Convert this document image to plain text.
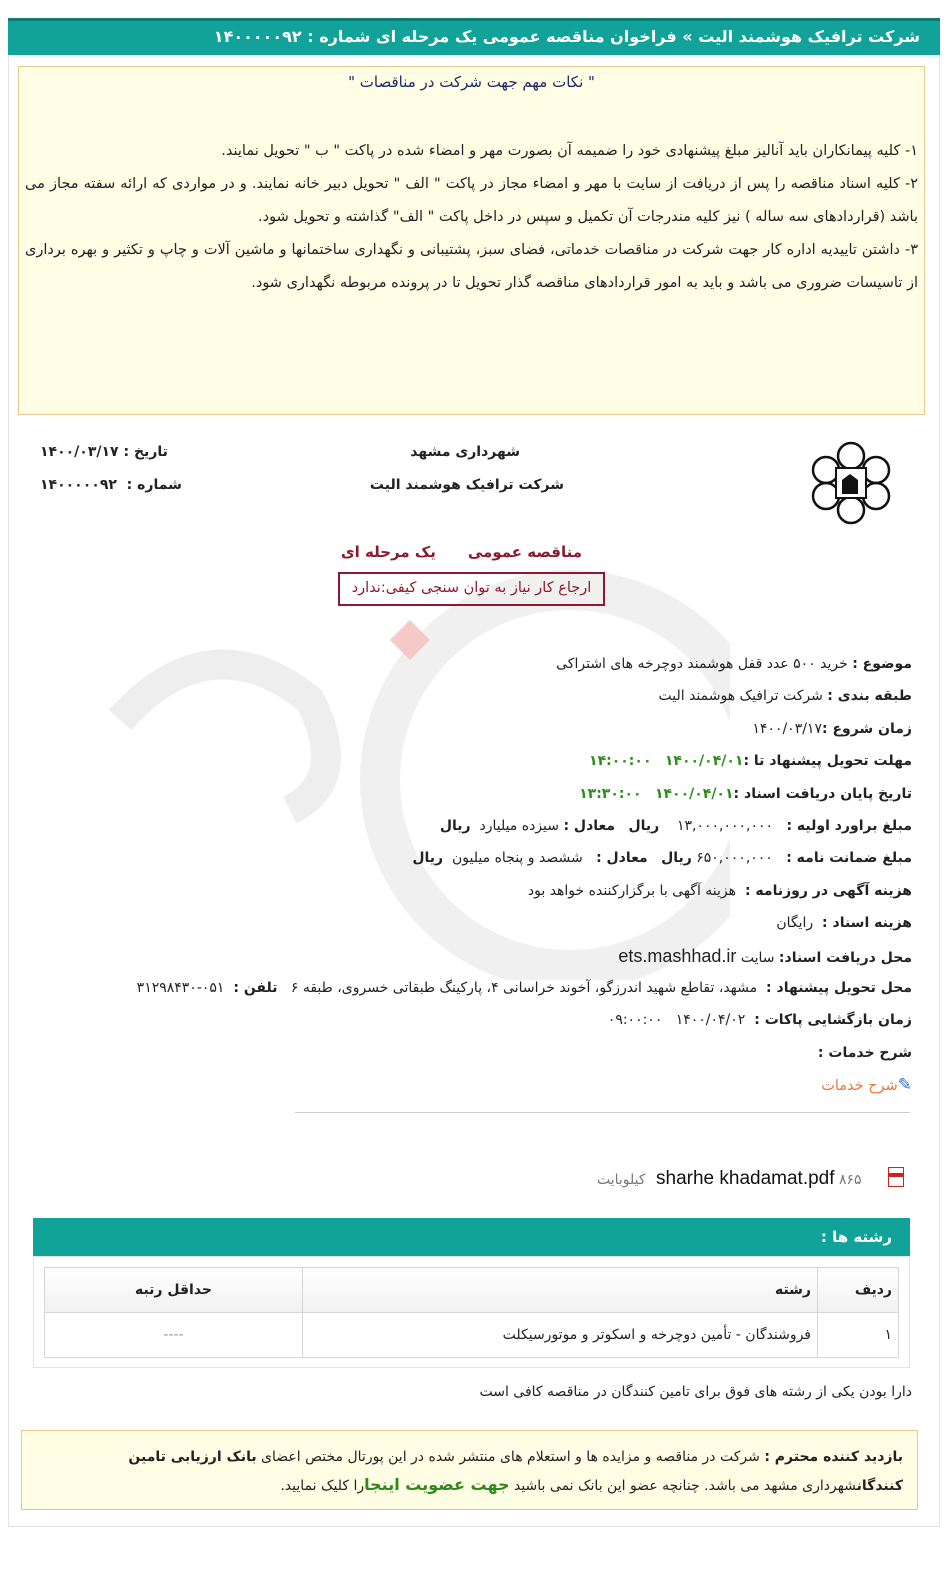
شرکت ترافیک هوشمند الیت » فراخوان مناقصه عمومی یک مرحله ای شماره : ۱۴۰۰۰۰۰۹۲
" نکات مهم جهت شرکت در مناقصات "

۱- کلیه پیمانکاران باید آنالیز مبلغ پیشنهادی خود را ضمیمه آن بصورت مهر و امضاء شده در پاکت " ب " تحویل نمایند.

۲- کلیه اسناد مناقصه را پس از دریافت از سایت با مهر و امضاء مجاز در پاکت " الف " تحویل دبیر خانه نمایند. و در مواردی که ارائه سفته مجاز می باشد (قراردادهای سه ساله ) نیز کلیه مندرجات آن تکمیل و سپس در داخل پاکت " الف" گذاشته و تحویل شود.

۳- داشتن تاییدیه اداره کار جهت شرکت در مناقصات خدماتی، فضای سبز، پشتیبانی و نگهداری ساختمانها و ماشین آلات و چاپ و تکثیر و بهره برداری از تاسیسات ضروری می باشد و باید به امور قراردادهای مناقصه گذار تحویل تا در پرونده مربوطه نگهداری شود.

شهرداری مشهد
شرکت ترافیک هوشمند الیت
تاریخ : ۱۴۰۰/۰۳/۱۷
شماره :  ۱۴۰۰۰۰۰۹۲
مناقصه عمومییک مرحله ای
ارجاع کار نیاز به توان سنجی کیفی:ندارد
موضوع : خرید ۵۰۰ عدد قفل هوشمند دوچرخه های اشتراکی
طبقه بندی : شرکت ترافیک هوشمند الیت
زمان شروع :۱۴۰۰/۰۳/۱۷
مهلت تحویل پیشنهاد تا :۱۴۰۰/۰۴/۰۱   ۱۴:۰۰:۰۰
تاریخ پایان دریافت اسناد :۱۴۰۰/۰۴/۰۱   ۱۳:۳۰:۰۰
مبلغ براورد اولیه :   ۱۳,۰۰۰,۰۰۰,۰۰۰    ریال   معادل : سیزده میلیارد  ریال
مبلغ ضمانت نامه :   ۶۵۰,۰۰۰,۰۰۰ ریال   معادل :   ششصد و پنجاه میلیون  ریال
هزینه آگهی در روزنامه :  هزینه آگهی با برگزارکننده خواهد بود
هزینه اسناد :  رایگان
محل دریافت اسناد: سایت ets.mashhad.ir
محل تحویل پیشنهاد :  مشهد، تقاطع شهید اندرزگو، آخوند خراسانی ۴، پارکینگ طبقاتی خسروی، طبقه ۶   تلفن :  ۰۵۱-۳۱۲۹۸۴۳۰
زمان بازگشایی پاکات :  ۱۴۰۰/۰۴/۰۲   ۰۹:۰۰:۰۰
شرح خدمات :
✎شرح خدمات
sharhe khadamat.pdf ۸۶۵ کیلوبایت
رشته ها :
ردیف	رشته	حداقل رتبه
۱	فروشندگان - تأمین دوچرخه و اسکوتر و موتورسیکلت	----
دارا بودن یکی از رشته های فوق برای تامین کنندگان در مناقصه کافی است
بازدید کننده محترم : شرکت در مناقصه و مزایده ها و استعلام های منتشر شده در این پورتال مختص اعضای بانک ارزیابی تامین کنندگانشهرداری مشهد می باشد. چنانچه عضو این بانک نمی باشید جهت عضویت اینجارا کلیک نمایید.
